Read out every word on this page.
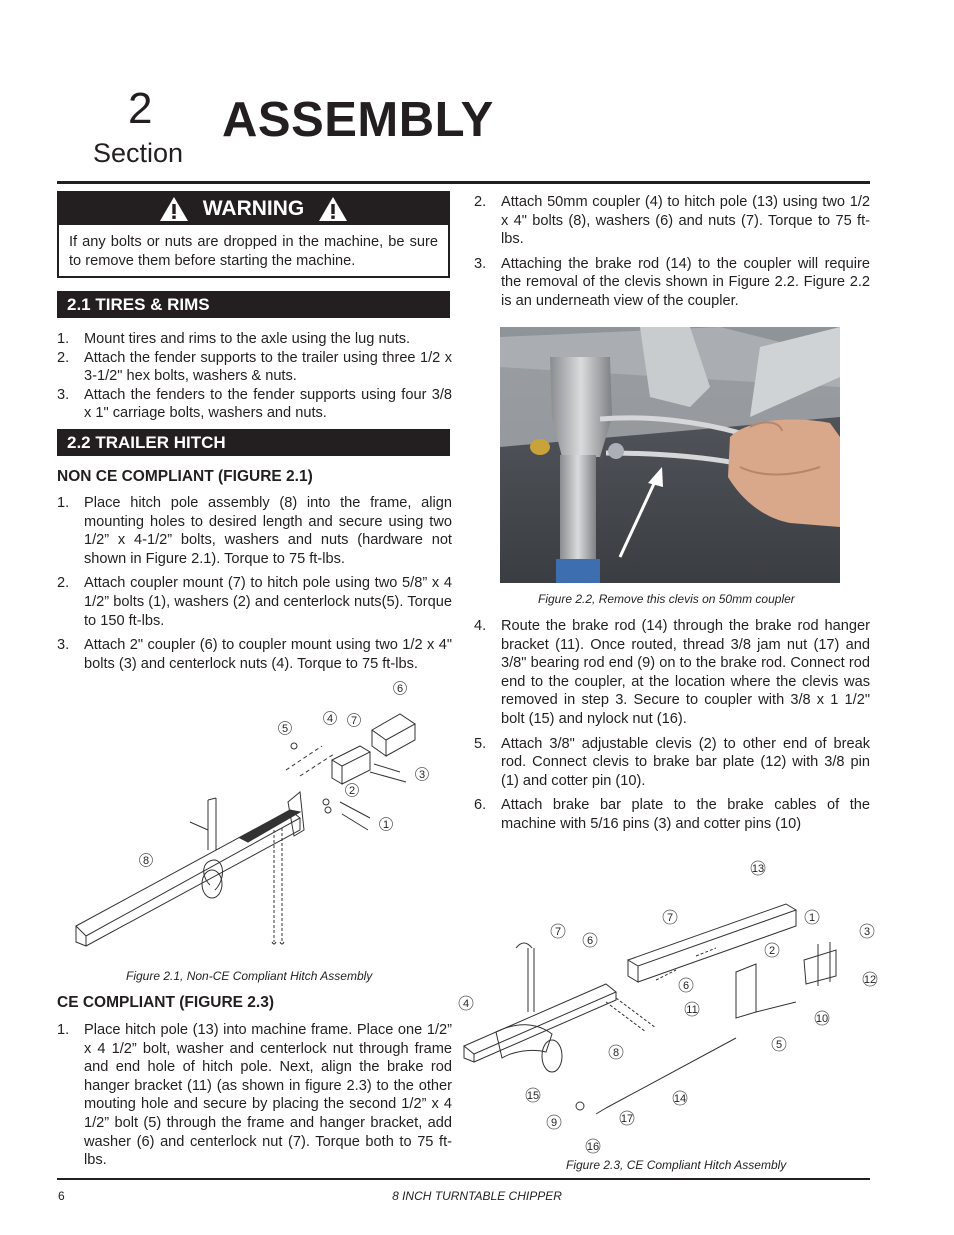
2
Section
ASSEMBLY
WARNING
If any bolts or nuts are dropped in the machine, be sure to remove them before starting the machine.
2.1 TIRES & RIMS
1. Mount tires and rims to the axle using the lug nuts.
2. Attach the fender supports to the trailer using three 1/2 x 3-1/2" hex bolts, washers & nuts.
3. Attach the fenders to the fender supports using four 3/8 x 1" carriage bolts, washers and nuts.
2.2 TRAILER HITCH
NON CE COMPLIANT (FIGURE 2.1)
1. Place hitch pole assembly (8) into the frame, align mounting holes to desired length and secure using two 1/2” x 4-1/2” bolts, washers and nuts (hardware not shown in Figure 2.1). Torque to 75 ft-lbs.
2. Attach coupler mount (7) to hitch pole using two 5/8” x 4 1/2” bolts (1), washers (2) and centerlock nuts(5). Torque to 150 ft-lbs.
3. Attach 2" coupler (6) to coupler mount using two 1/2 x 4" bolts (3) and centerlock nuts (4). Torque to 75 ft-lbs.
1
2
3
4
5
6
7
8
Figure 2.1, Non-CE Compliant Hitch Assembly
CE COMPLIANT (FIGURE 2.3)
1. Place hitch pole (13) into machine frame. Place one 1/2” x 4 1/2” bolt, washer and centerlock nut through frame and end hole of hitch pole. Next, align the brake rod hanger bracket (11) (as shown in figure 2.3) to the other mouting hole and secure by placing the second 1/2” x 4 1/2” bolt (5) through the frame and hanger bracket, add washer (6) and centerlock nut (7). Torque both to 75 ft-lbs.
2. Attach 50mm coupler (4) to hitch pole (13) using two 1/2 x 4" bolts (8), washers (6) and nuts (7). Torque to 75 ft-lbs.
3. Attaching the brake rod (14) to the coupler will require the removal of the clevis shown in Figure 2.2. Figure 2.2 is an underneath view of the coupler.
Figure 2.2, Remove this clevis on 50mm coupler
4. Route the brake rod (14) through the brake rod hanger bracket (11). Once routed, thread 3/8 jam nut (17) and 3/8" bearing rod end (9) on to the brake rod. Connect rod end to the coupler, at the location where the clevis was removed in step 3. Secure to coupler with 3/8 x 1 1/2" bolt (15) and nylock nut (16).
5. Attach 3/8" adjustable clevis (2) to other end of break rod. Connect clevis to brake bar plate (12) with 3/8 pin (1) and cotter pin (10).
6. Attach brake bar plate to the brake cables of the machine with 5/16 pins (3) and cotter pins (10)
1
2
3
4
5
6
6
7
7
8
9
10
11
12
13
14
15
16
17
Figure 2.3, CE Compliant Hitch Assembly
6	8 INCH TURNTABLE CHIPPER
